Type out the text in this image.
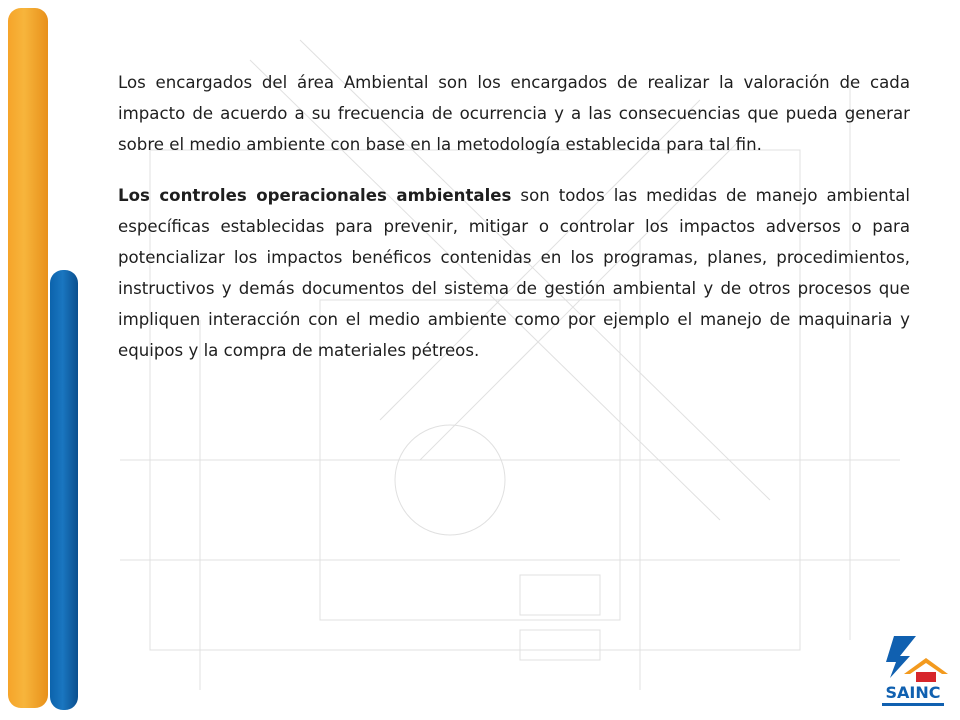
Los encargados del área Ambiental son los encargados de realizar la valoración de cada impacto de acuerdo a su frecuencia de ocurrencia y a las consecuencias que pueda generar sobre el medio ambiente con base en la metodología establecida para tal fin.

Los controles operacionales ambientales son todos las medidas de manejo ambiental específicas establecidas para prevenir, mitigar o controlar los impactos adversos o para potencializar los impactos benéficos contenidas en los programas, planes, procedimientos, instructivos y demás documentos del sistema de gestión ambiental y de otros procesos que impliquen interacción con el medio ambiente como por ejemplo el manejo de maquinaria y equipos y la compra de materiales pétreos.

SAINC
